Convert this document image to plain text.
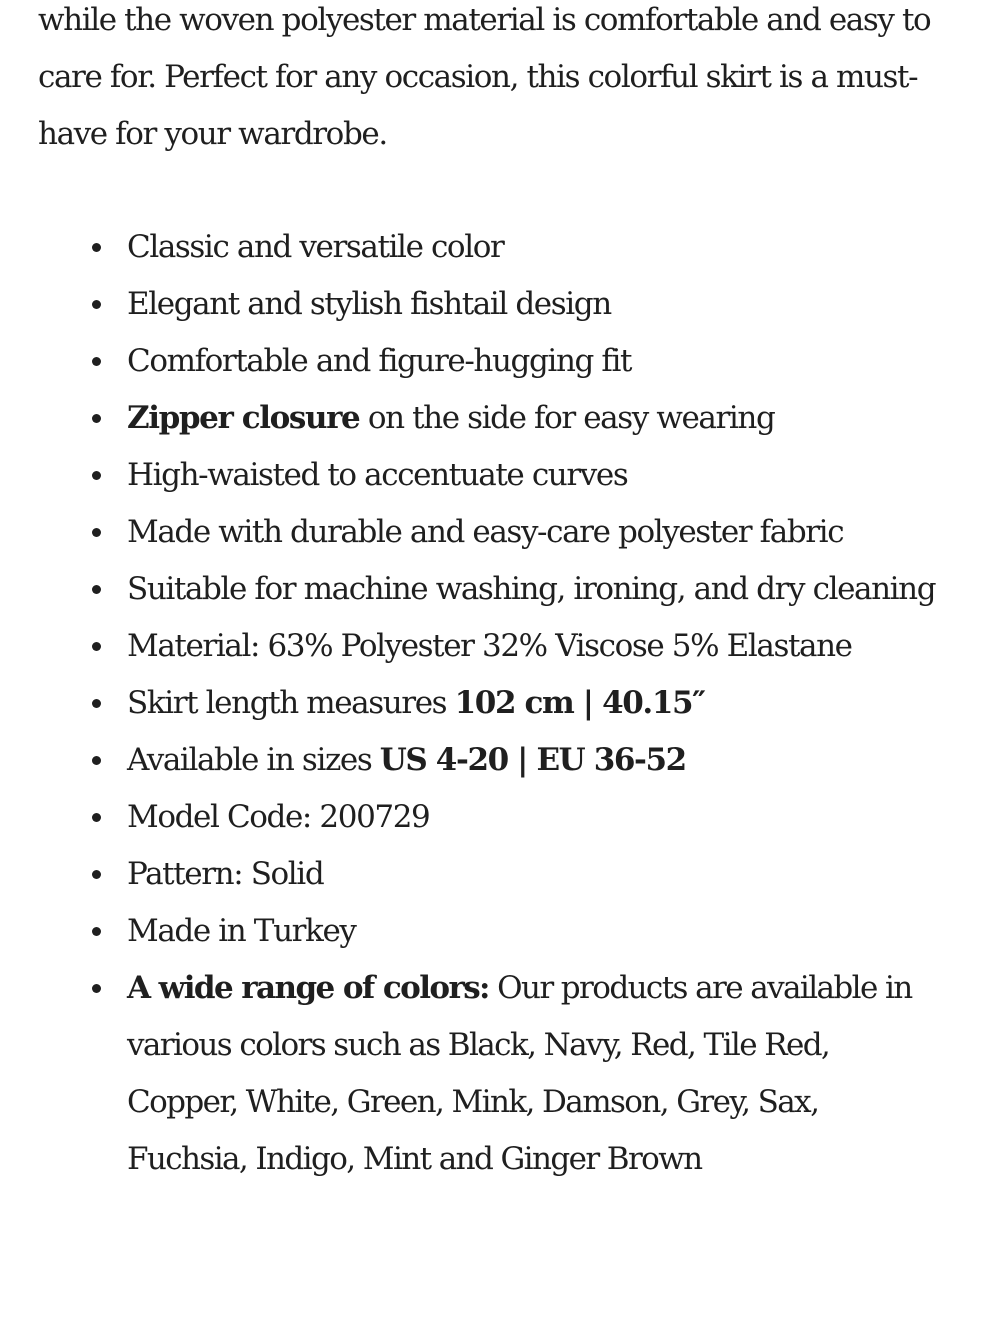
while the woven polyester material is comfortable and easy to care for. Perfect for any occasion, this colorful skirt is a must-have for your wardrobe.

Classic and versatile color
Elegant and stylish fishtail design
Comfortable and figure-hugging fit
Zipper closure on the side for easy wearing
High-waisted to accentuate curves
Made with durable and easy-care polyester fabric
Suitable for machine washing, ironing, and dry cleaning
Material: 63% Polyester 32% Viscose 5% Elastane
Skirt length measures 102 cm | 40.15″
Available in sizes US 4-20 | EU 36-52
Model Code: 200729
Pattern: Solid
Made in Turkey
A wide range of colors: Our products are available in various colors such as Black, Navy, Red, Tile Red, Copper, White, Green, Mink, Damson, Grey, Sax, Fuchsia, Indigo, Mint and Ginger Brown
